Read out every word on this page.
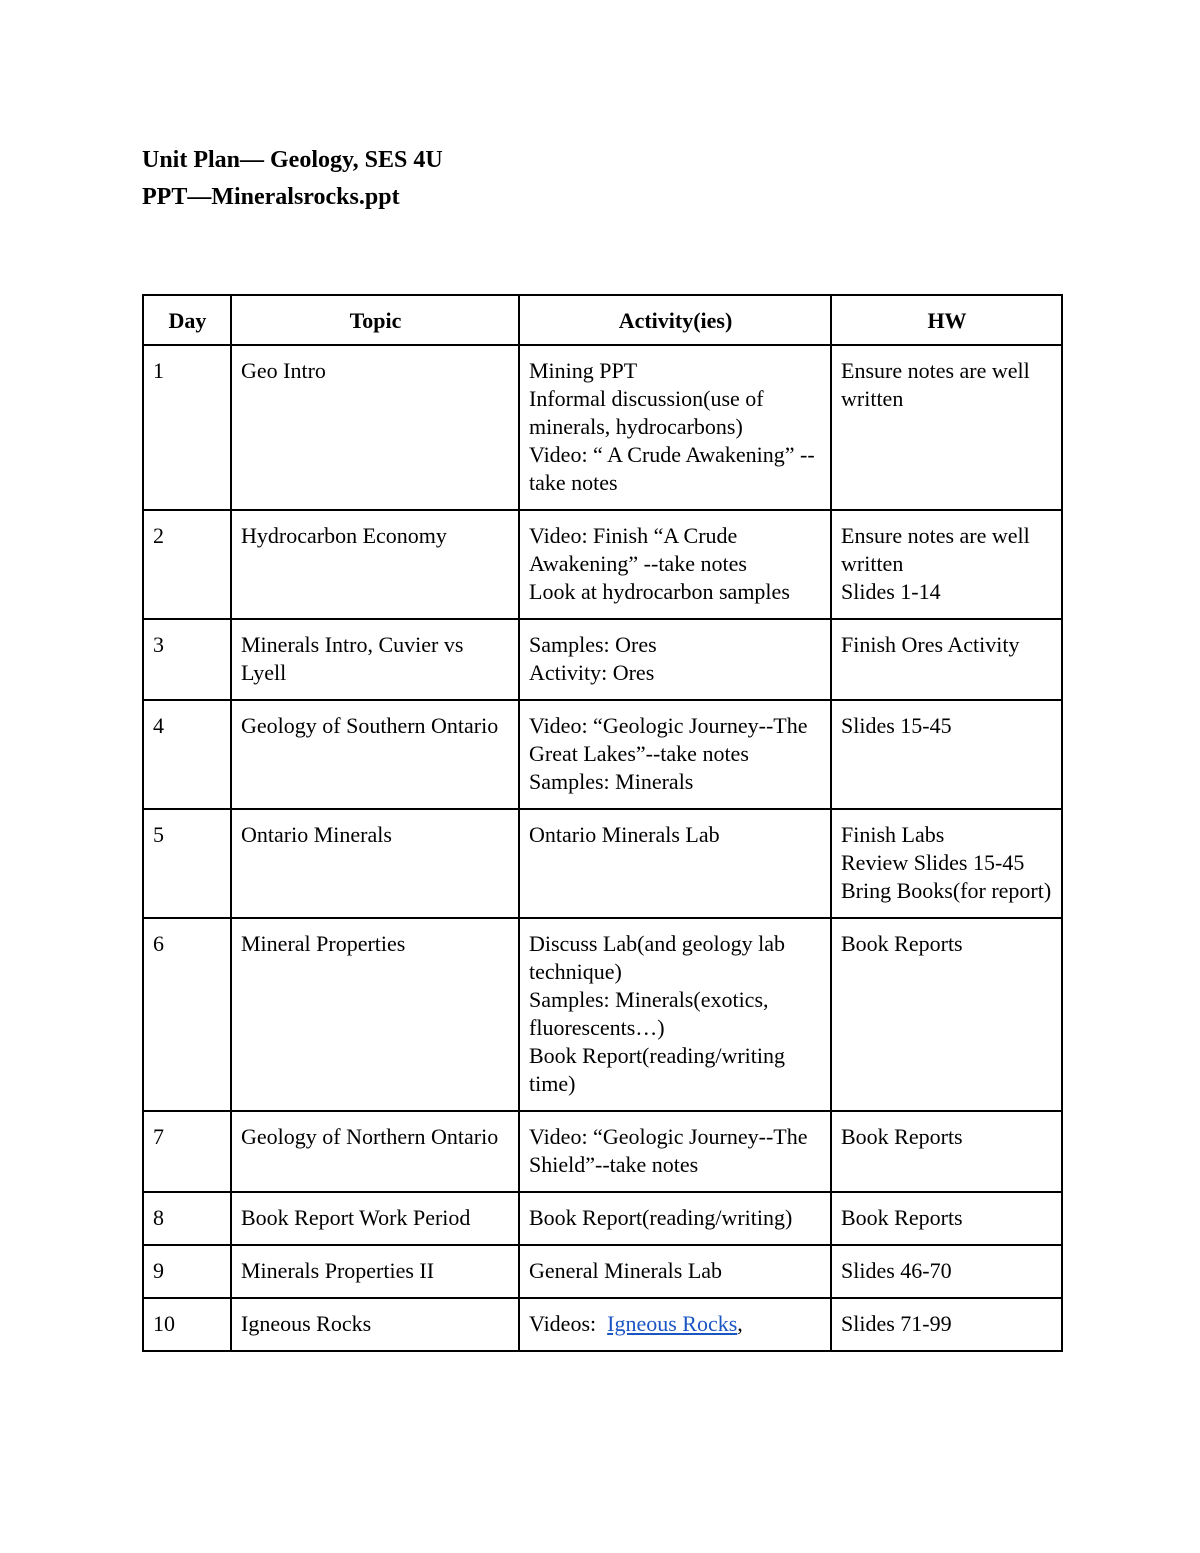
Unit Plan— Geology, SES 4U
PPT—Mineralsrocks.ppt
Day	Topic	Activity(ies)	HW
1	Geo Intro	Mining PPT
Informal discussion(use of minerals, hydrocarbons)
Video: “ A Crude Awakening” --take notes	Ensure notes are well written

2	Hydrocarbon Economy	Video: Finish “A Crude Awakening” --take notes
Look at hydrocarbon samples	Ensure notes are well written
Slides 1-14

3	Minerals Intro, Cuvier vs Lyell	Samples: Ores
Activity: Ores	Finish Ores Activity

4	Geology of Southern Ontario	Video: “Geologic Journey--The Great Lakes”--take notes
Samples: Minerals	Slides 15-45

5	Ontario Minerals	Ontario Minerals Lab	Finish Labs
Review Slides 15-45
Bring Books(for report)

6	Mineral Properties	Discuss Lab(and geology lab technique)
Samples: Minerals(exotics, fluorescents…)
Book Report(reading/writing time)	Book Reports

7	Geology of Northern Ontario	Video: “Geologic Journey--The Shield”--take notes	Book Reports

8	Book Report Work Period	Book Report(reading/writing)	Book Reports

9	Minerals Properties II	General Minerals Lab	Slides 46-70

10	Igneous Rocks	Videos:  Igneous Rocks,	Slides 71-99
